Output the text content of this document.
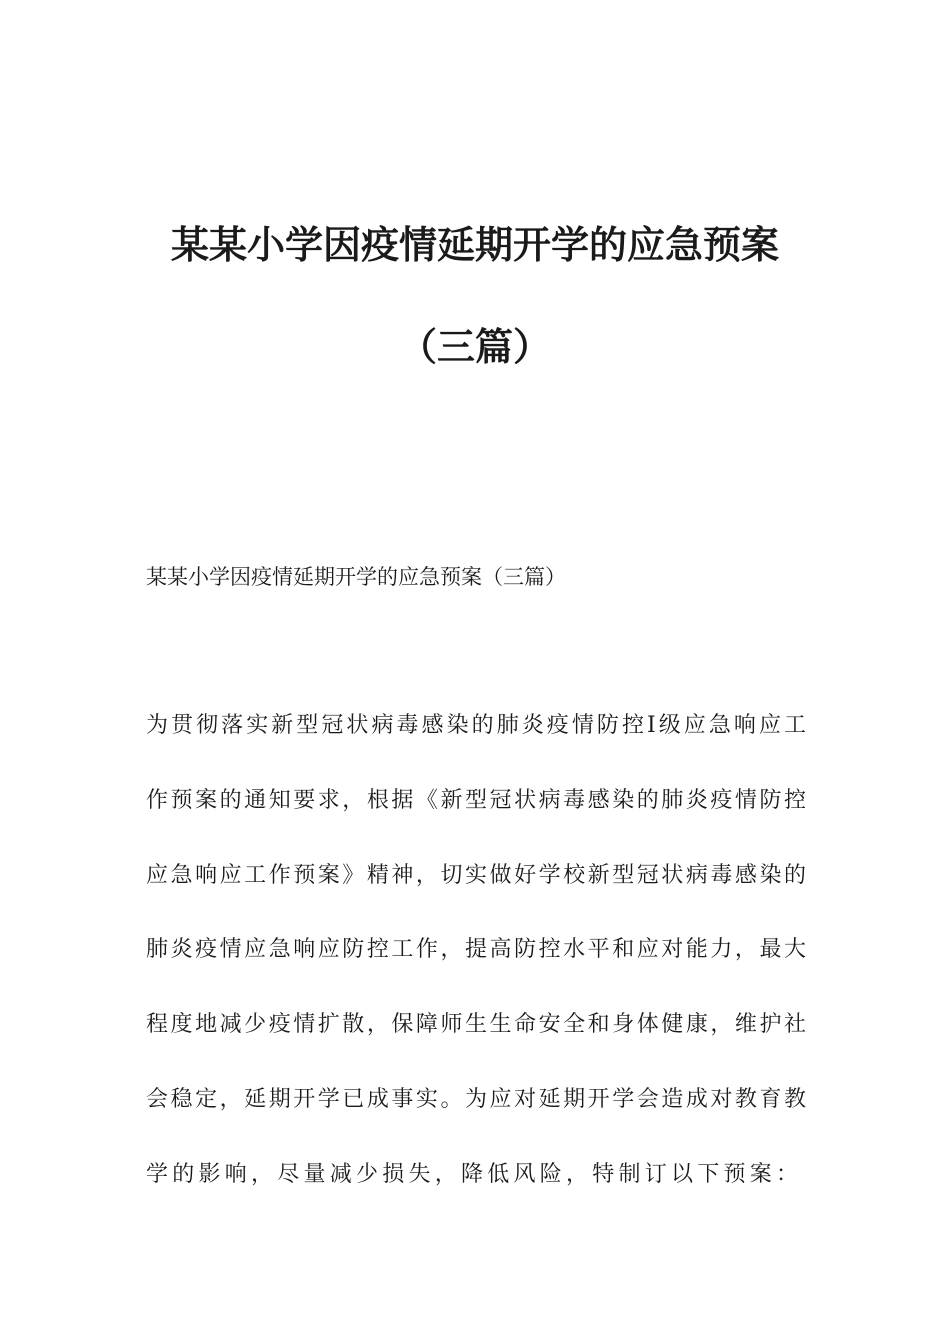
某某小学因疫情延期开学的应急预案
（三篇）
某某小学因疫情延期开学的应急预案（三篇）
为贯彻落实新型冠状病毒感染的肺炎疫情防控Ⅰ级应急响应工
作预案的通知要求，根据《新型冠状病毒感染的肺炎疫情防控
应急响应工作预案》精神，切实做好学校新型冠状病毒感染的
肺炎疫情应急响应防控工作，提高防控水平和应对能力，最大
程度地减少疫情扩散，保障师生生命安全和身体健康，维护社
会稳定，延期开学已成事实。为应对延期开学会造成对教育教
学的影响，尽量减少损失，降低风险，特制订以下预案：
